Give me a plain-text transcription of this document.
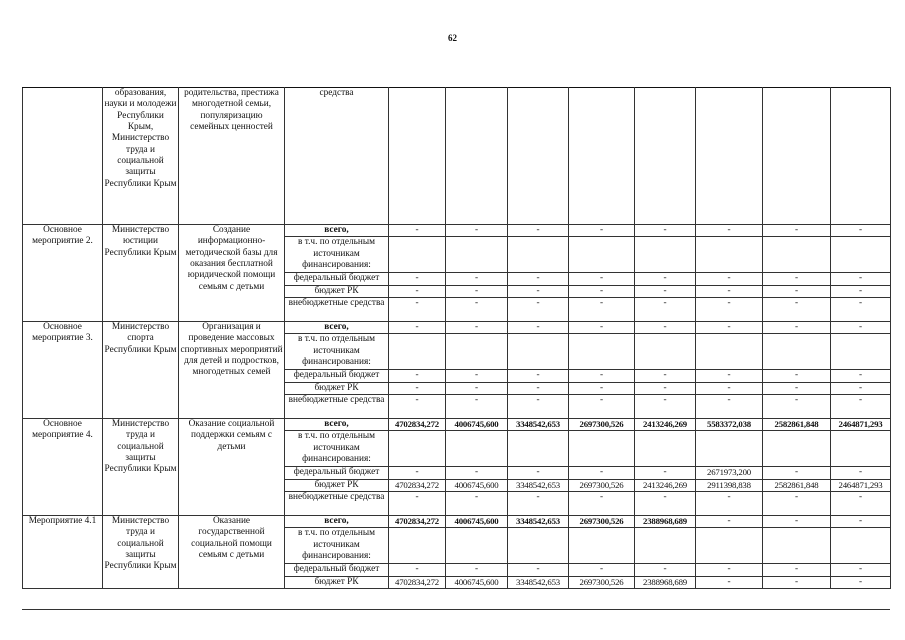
62
	образования, науки и молодежи Республики Крым, Министерство труда и социальной защиты Республики Крым	родительства, престижа многодетной семьи, популяризацию семейных ценностей	средства								
Основное мероприятие 2.	Министерство юстиции Республики Крым	Создание информационно-методической базы для оказания бесплатной юридической помощи семьям с детьми	всего,	-	-	-	-	-	-	-	-
			в т.ч. по отдельным источникам финансирования:								
			федеральный бюджет	-	-	-	-	-	-	-	-
			бюджет РК	-	-	-	-	-	-	-	-
			внебюджетные средства	-	-	-	-	-	-	-	-
Основное мероприятие 3.	Министерство спорта Республики Крым	Организация и проведение массовых спортивных мероприятий для детей и подростков, многодетных семей	всего,	-	-	-	-	-	-	-	-
			в т.ч. по отдельным источникам финансирования:								
			федеральный бюджет	-	-	-	-	-	-	-	-
			бюджет РК	-	-	-	-	-	-	-	-
			внебюджетные средства	-	-	-	-	-	-	-	-
Основное мероприятие 4.	Министерство труда и социальной защиты Республики Крым	Оказание социальной поддержки семьям с детьми	всего,	4702834,272	4006745,600	3348542,653	2697300,526	2413246,269	5583372,038	2582861,848	2464871,293
			в т.ч. по отдельным источникам финансирования:								
			федеральный бюджет	-	-	-	-	-	2671973,200	-	-
			бюджет РК	4702834,272	4006745,600	3348542,653	2697300,526	2413246,269	2911398,838	2582861,848	2464871,293
			внебюджетные средства	-	-	-	-	-	-	-	-
Мероприятие 4.1	Министерство труда и социальной защиты Республики Крым	Оказание государственной социальной помощи семьям с детьми	всего,	4702834,272	4006745,600	3348542,653	2697300,526	2388968,689	-	-	-
			в т.ч. по отдельным источникам финансирования:								
			федеральный бюджет	-	-	-	-	-	-	-	-
			бюджет РК	4702834,272	4006745,600	3348542,653	2697300,526	2388968,689	-	-	-
